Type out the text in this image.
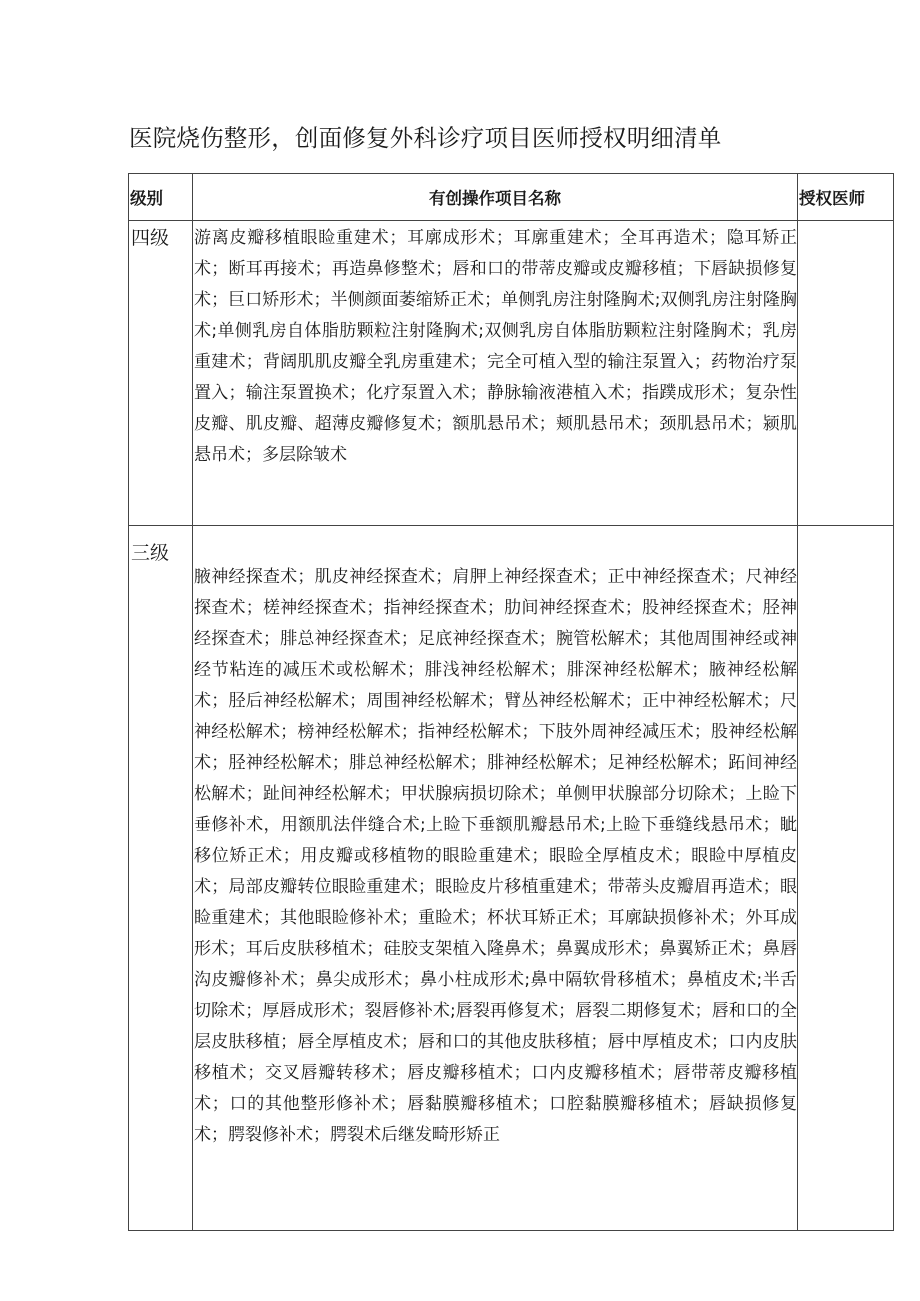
医院烧伤整形，创面修复外科诊疗项目医师授权明细清单
级别	有创操作项目名称	授权医师
四级	游离皮瓣移植眼睑重建术；耳廓成形术；耳廓重建术；全耳再造术；隐耳矫正术；断耳再接术；再造鼻修整术；唇和口的带蒂皮瓣或皮瓣移植；下唇缺损修复术；巨口矫形术；半侧颜面萎缩矫正术；单侧乳房注射隆胸术;双侧乳房注射隆胸术;单侧乳房自体脂肪颗粒注射隆胸术;双侧乳房自体脂肪颗粒注射隆胸术；乳房重建术；背阔肌肌皮瓣全乳房重建术；完全可植入型的输注泵置入；药物治疗泵置入；输注泵置换术；化疗泵置入术；静脉输液港植入术；指蹼成形术；复杂性皮瓣、肌皮瓣、超薄皮瓣修复术；额肌悬吊术；颊肌悬吊术；颈肌悬吊术；颍肌悬吊术；多层除皱术	
三级	腋神经探查术；肌皮神经探查术；肩胛上神经探查术；正中神经探查术；尺神经探查术；槎神经探查术；指神经探查术；肋间神经探查术；股神经探查术；胫神经探查术；腓总神经探查术；足底神经探查术；腕管松解术；其他周围神经或神经节粘连的减压术或松解术；腓浅神经松解术；腓深神经松解术；腋神经松解术；胫后神经松解术；周围神经松解术；臂丛神经松解术；正中神经松解术；尺神经松解术；榜神经松解术；指神经松解术；下肢外周神经减压术；股神经松解术；胫神经松解术；腓总神经松解术；腓神经松解术；足神经松解术；跖间神经松解术；趾间神经松解术；甲状腺病损切除术；单侧甲状腺部分切除术；上睑下垂修补术，用额肌法伴缝合术;上睑下垂额肌瓣悬吊术;上睑下垂缝线悬吊术；眦移位矫正术；用皮瓣或移植物的眼睑重建术；眼睑全厚植皮术；眼睑中厚植皮术；局部皮瓣转位眼睑重建术；眼睑皮片移植重建术；带蒂头皮瓣眉再造术；眼睑重建术；其他眼睑修补术；重睑术；杯状耳矫正术；耳廓缺损修补术；外耳成形术；耳后皮肤移植术；硅胶支架植入隆鼻术；鼻翼成形术；鼻翼矫正术；鼻唇沟皮瓣修补术；鼻尖成形术；鼻小柱成形术;鼻中隔软骨移植术；鼻植皮术;半舌切除术；厚唇成形术；裂唇修补术;唇裂再修复术；唇裂二期修复术；唇和口的全层皮肤移植；唇全厚植皮术；唇和口的其他皮肤移植；唇中厚植皮术；口内皮肤移植术；交叉唇瓣转移术；唇皮瓣移植术；口内皮瓣移植术；唇带蒂皮瓣移植术；口的其他整形修补术；唇黏膜瓣移植术；口腔黏膜瓣移植术；唇缺损修复术；腭裂修补术；腭裂术后继发畸形矫正	
